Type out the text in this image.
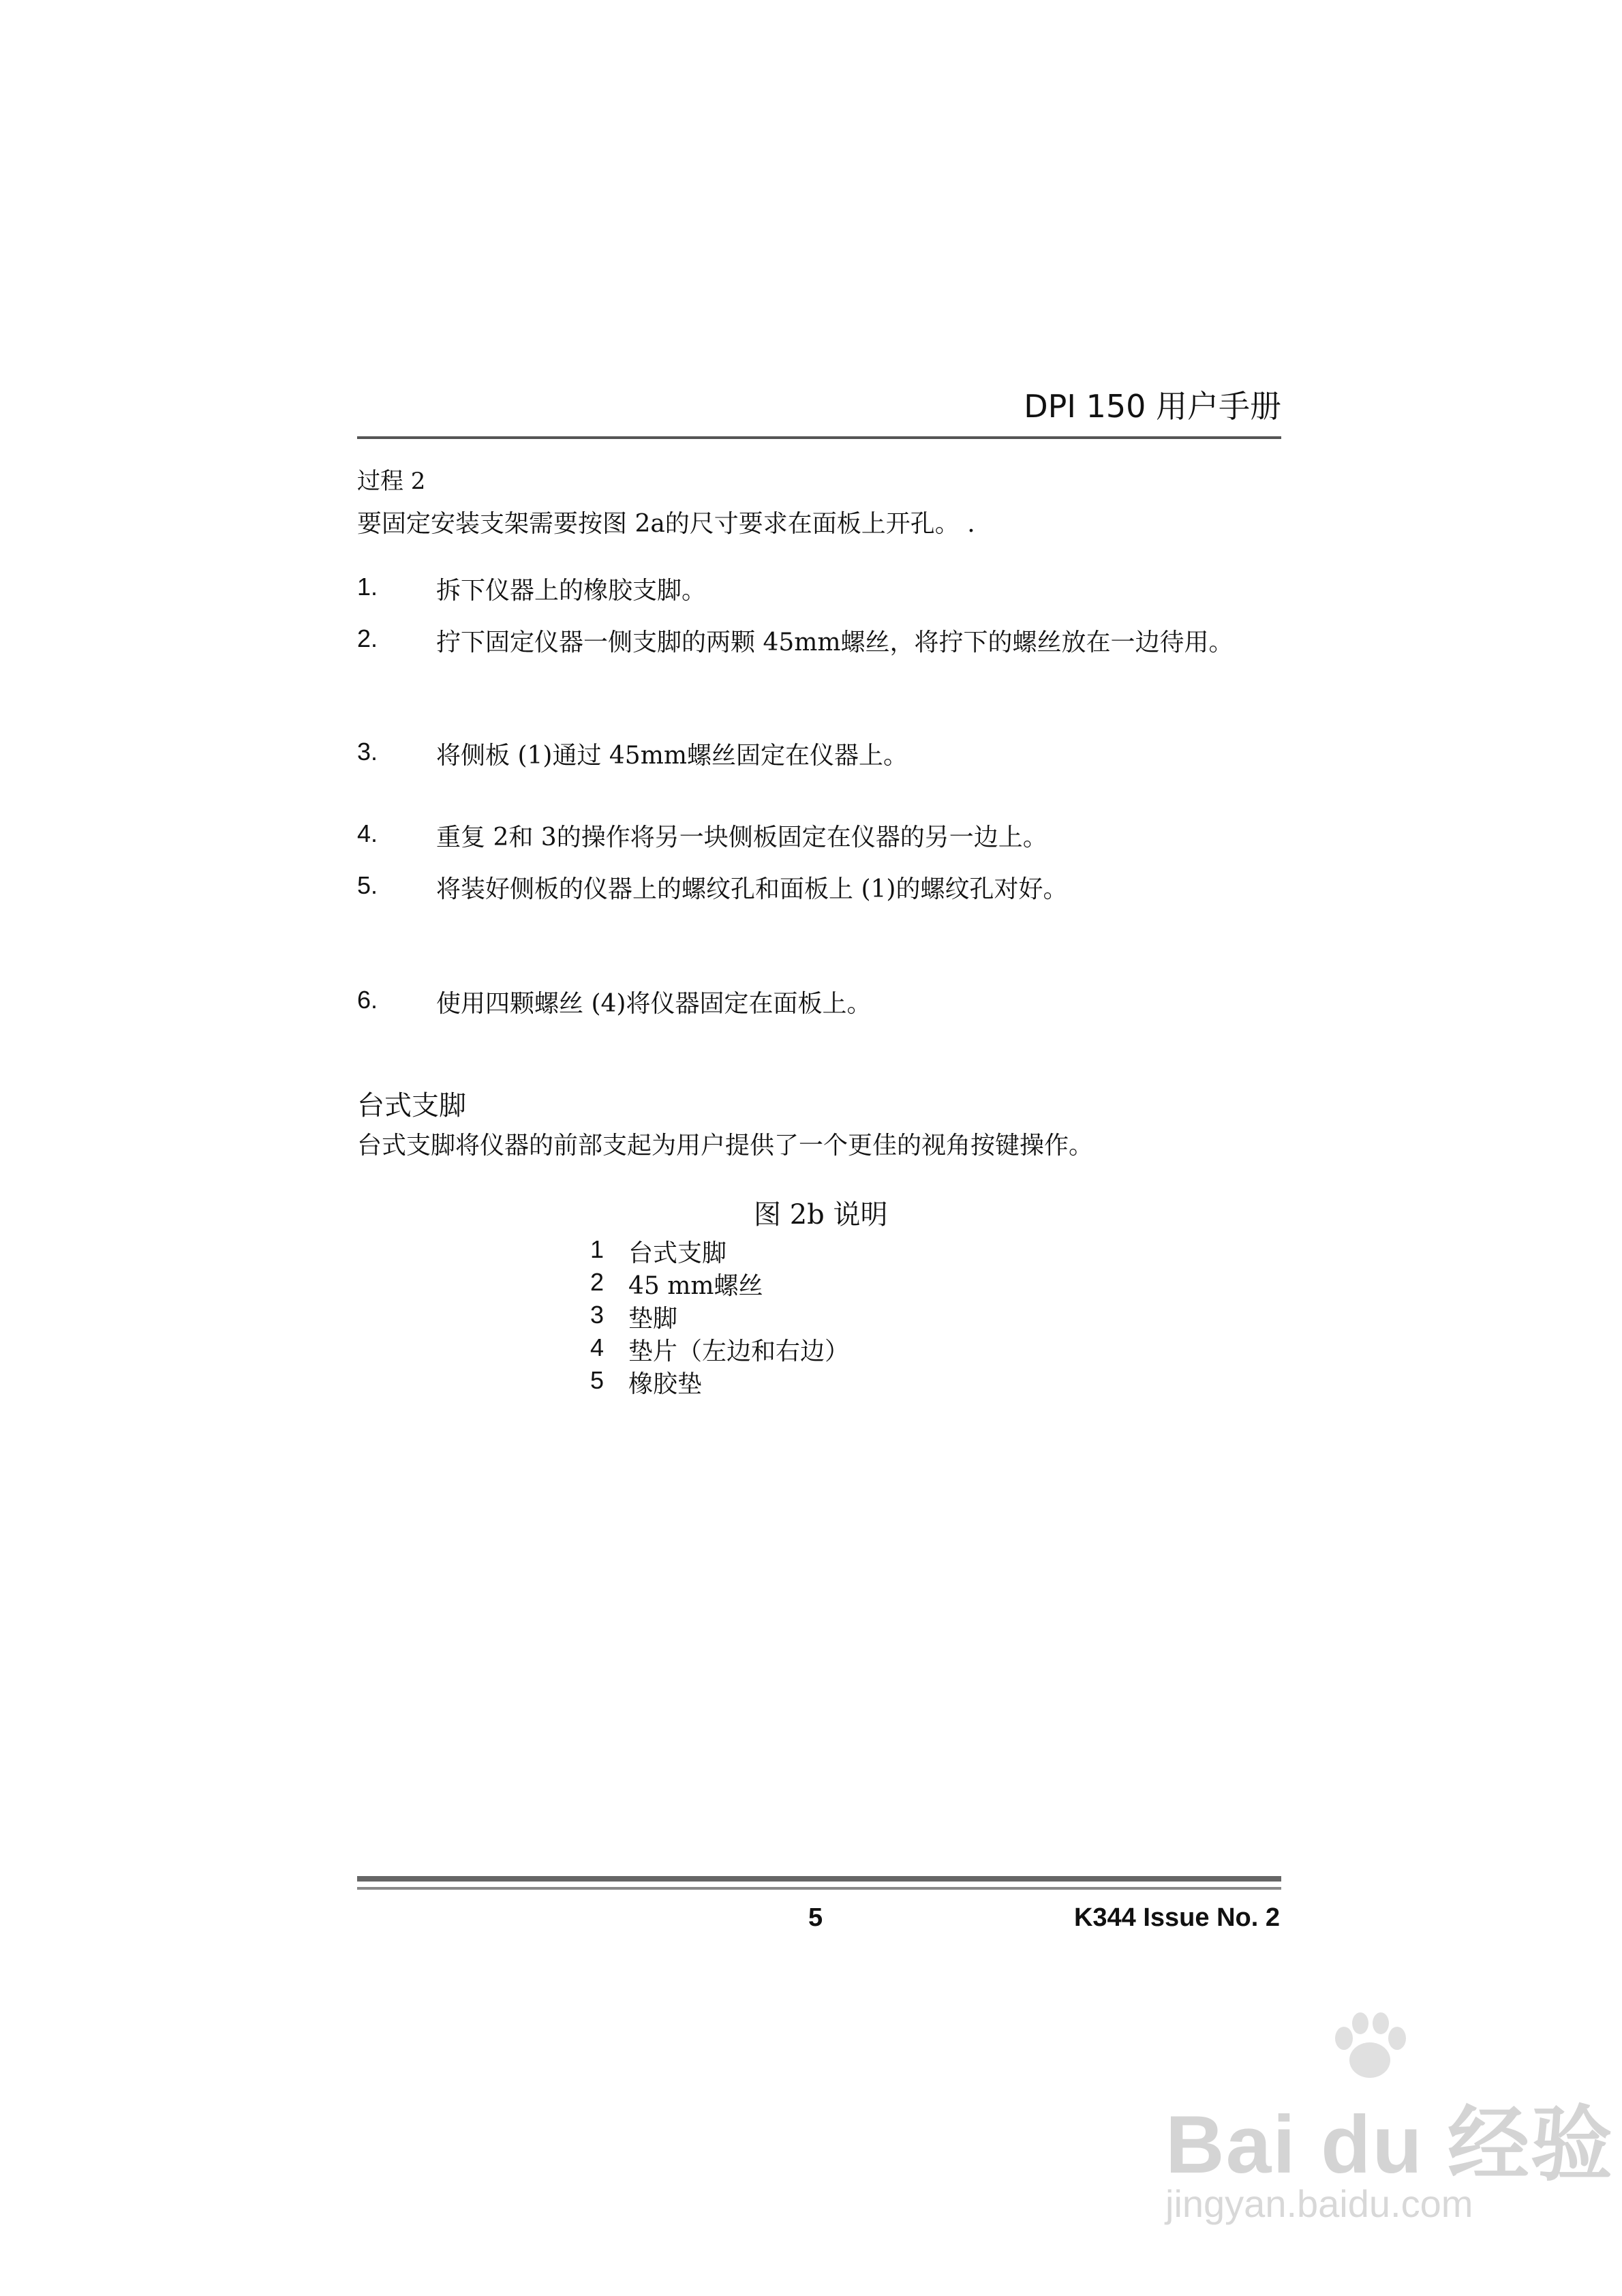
DPI 150 用户手册
过程 2
要固定安装支架需要按图 2a的尺寸要求在面板上开孔。 .
1. 拆下仪器上的橡胶支脚。
2. 拧下固定仪器一侧支脚的两颗 45mm螺丝，将拧下的螺丝放在一边待用。
3. 将侧板 (1)通过 45mm螺丝固定在仪器上。
4. 重复 2和 3的操作将另一块侧板固定在仪器的另一边上。
5. 将装好侧板的仪器上的螺纹孔和面板上 (1)的螺纹孔对好。
6. 使用四颗螺丝 (4)将仪器固定在面板上。
台式支脚
台式支脚将仪器的前部支起为用户提供了一个更佳的视角按键操作。
图 2b 说明
1 台式支脚
2 45 mm螺丝
3 垫脚
4 垫片（左边和右边）
5 橡胶垫
5	K344 Issue No. 2
Bai du 经验
jingyan.baidu.com
